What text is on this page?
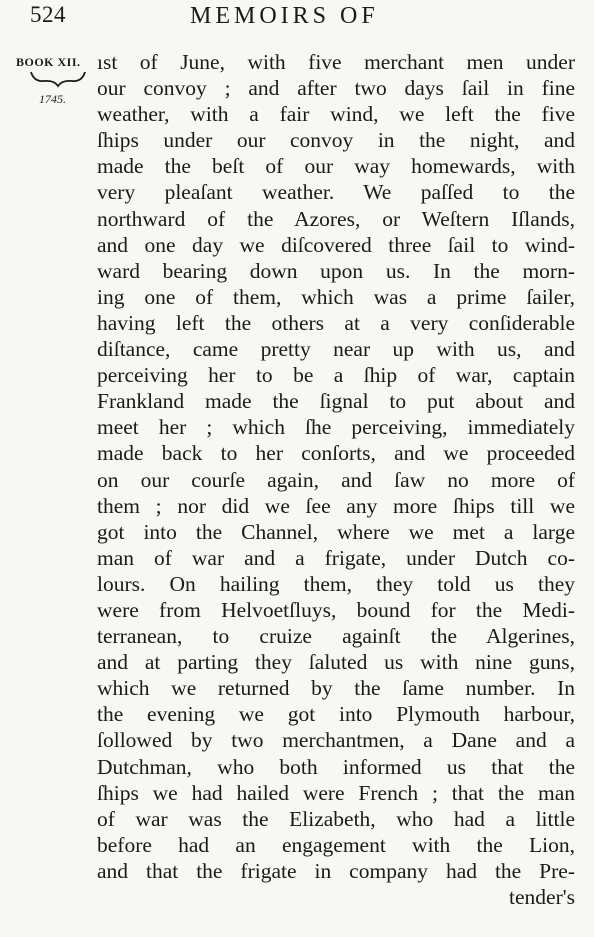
524	MEMOIRS OF
BOOK XII.
1745.
ıst of June, with five merchant men under
our convoy ; and after two days ſail in fine
weather, with a fair wind, we left the five
ſhips under our convoy in the night, and
made the beſt of our way homewards, with
very pleaſant weather. We paſſed to the
northward of the Azores, or Weſtern Iſlands,
and one day we diſcovered three ſail to wind-
ward bearing down upon us. In the morn-
ing one of them, which was a prime ſailer,
having left the others at a very conſiderable
diſtance, came pretty near up with us, and
perceiving her to be a ſhip of war, captain
Frankland made the ſignal to put about and
meet her ; which ſhe perceiving, immediately
made back to her conſorts, and we proceeded
on our courſe again, and ſaw no more of
them ; nor did we ſee any more ſhips till we
got into the Channel, where we met a large
man of war and a frigate, under Dutch co-
lours. On hailing them, they told us they
were from Helvoetſluys, bound for the Medi-
terranean, to cruize againſt the Algerines,
and at parting they ſaluted us with nine guns,
which we returned by the ſame number. In
the evening we got into Plymouth harbour,
ſollowed by two merchantmen, a Dane and a
Dutchman, who both informed us that the
ſhips we had hailed were French ; that the man
of war was the Elizabeth, who had a little
before had an engagement with the Lion,
and that the frigate in company had the Pre-
tender's
